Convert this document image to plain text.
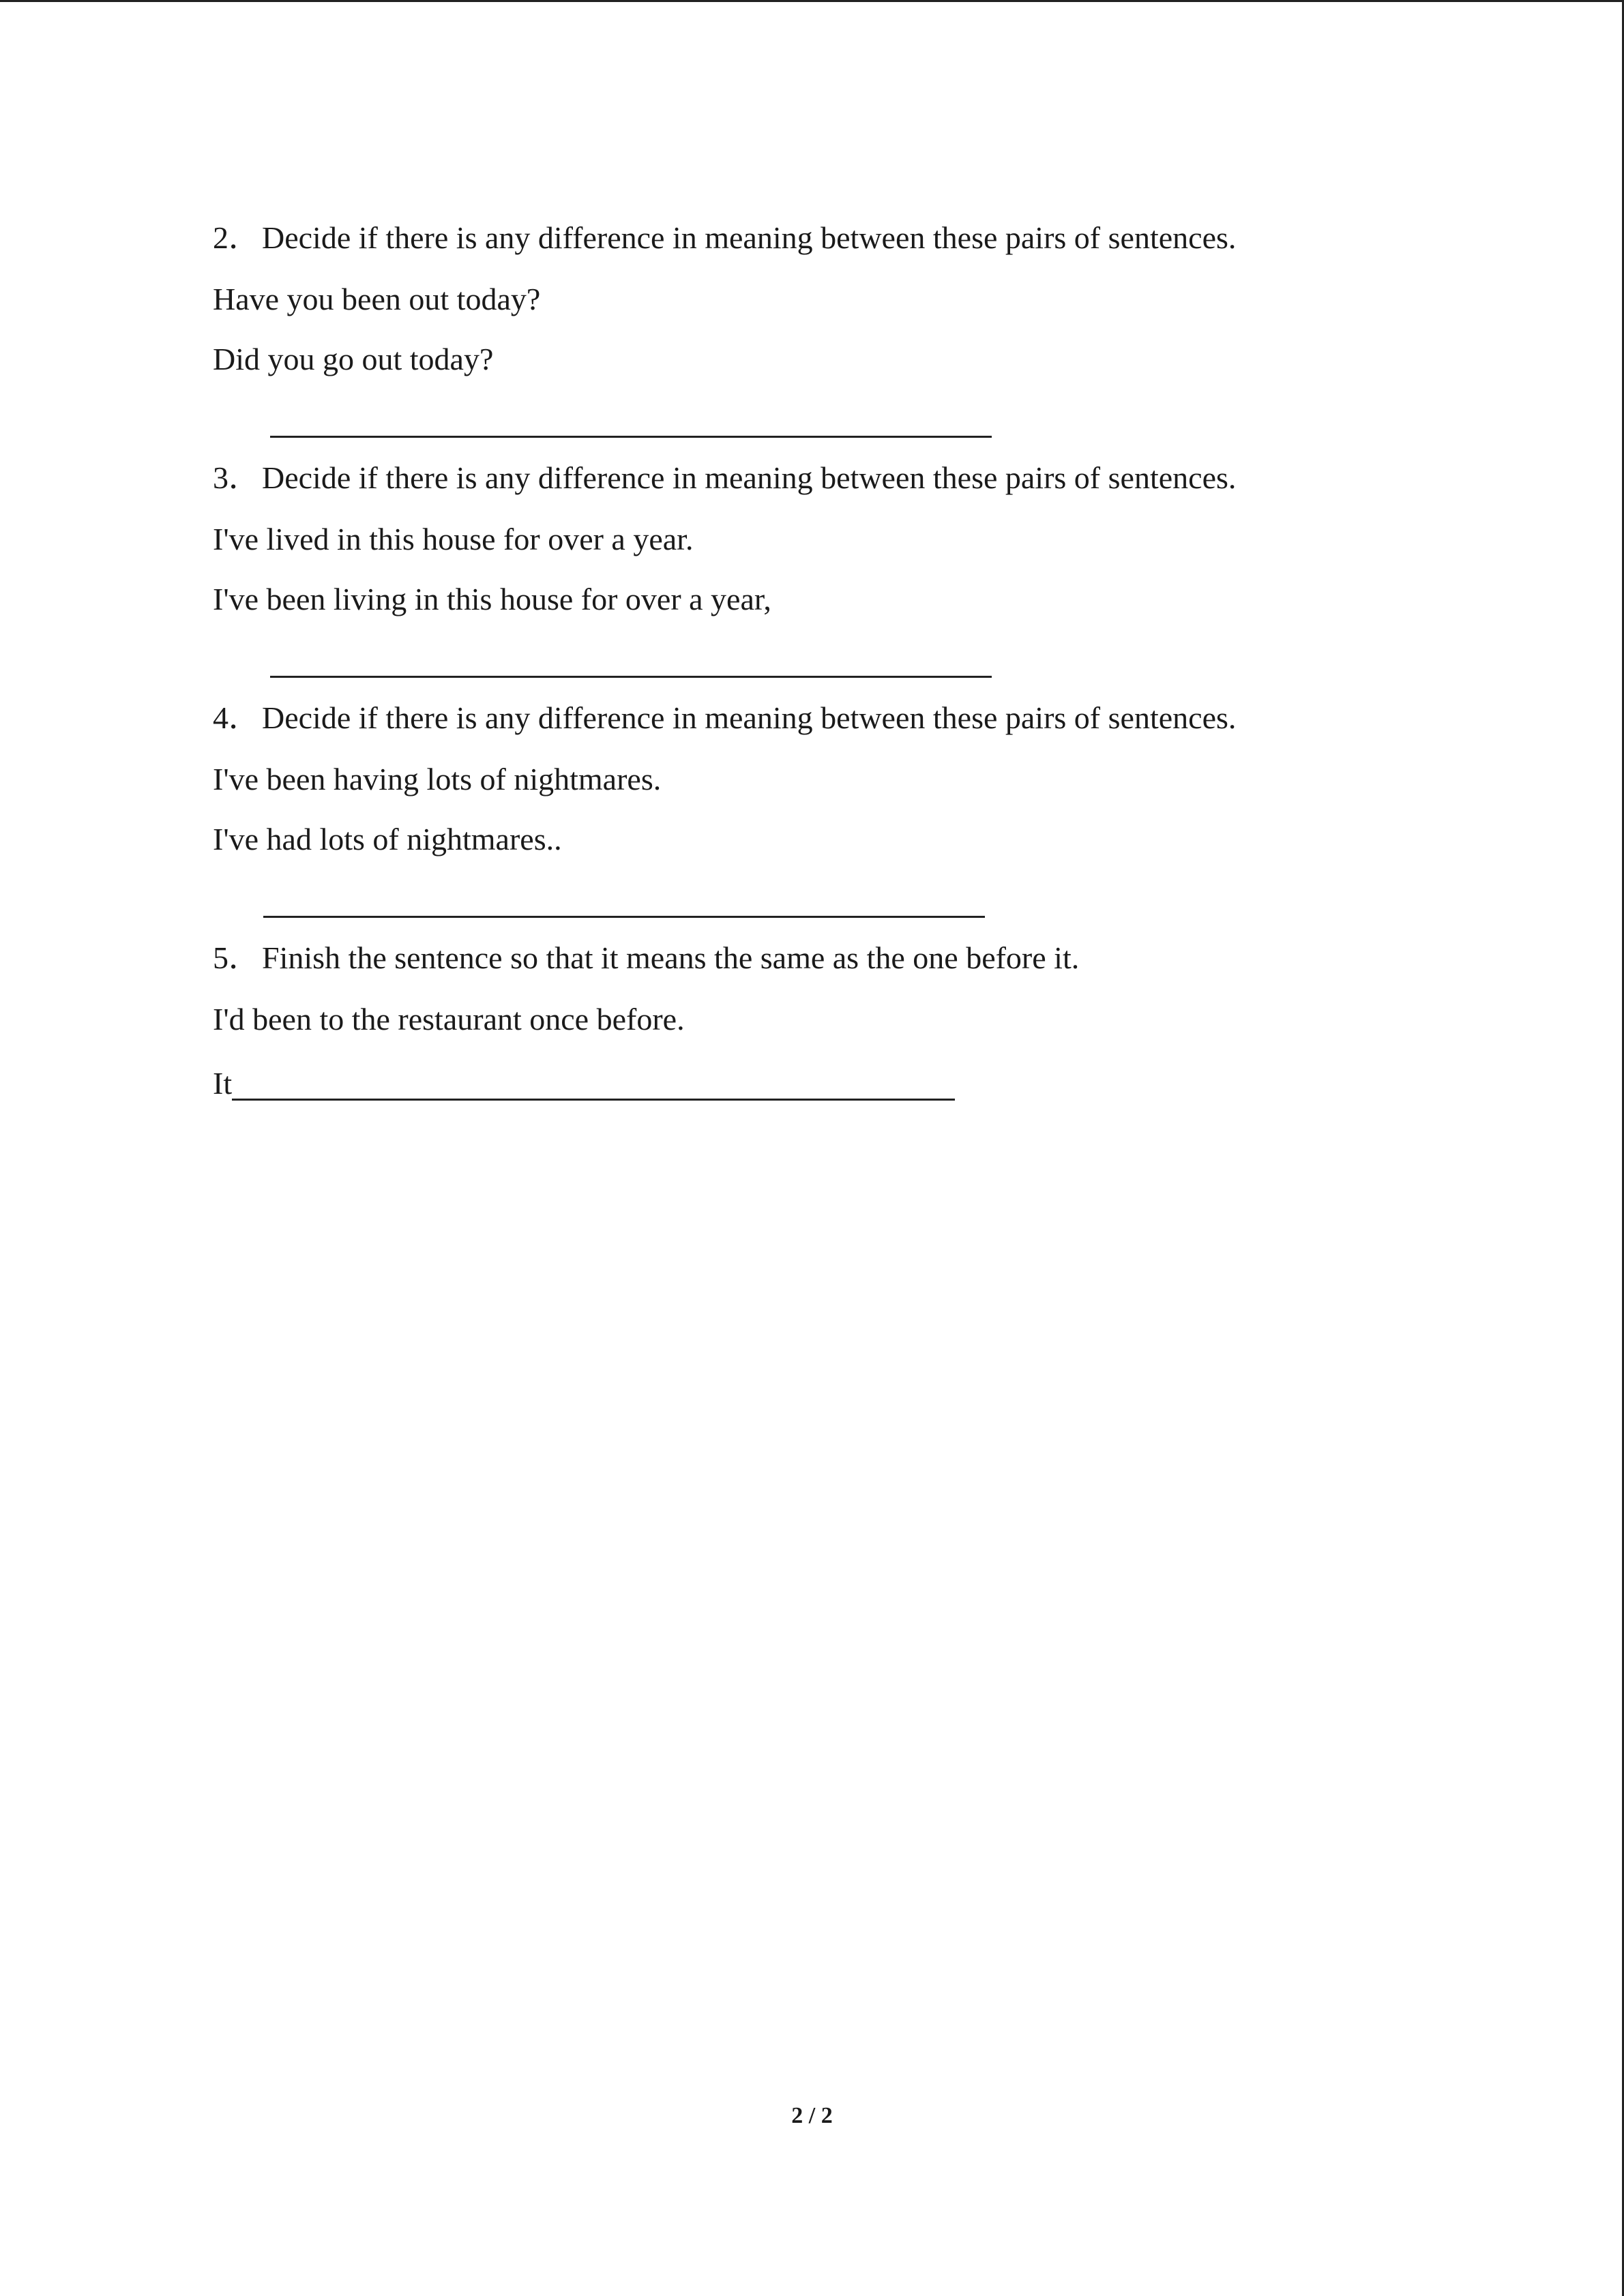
2．Decide if there is any difference in meaning between these pairs of sentences.
Have you been out today?
Did you go out today?
3．Decide if there is any difference in meaning between these pairs of sentences.
I've lived in this house for over a year.
I've been living in this house for over a year,
4．Decide if there is any difference in meaning between these pairs of sentences.
I've been having lots of nightmares.
I've had lots of nightmares..
5．Finish the sentence so that it means the same as the one before it.
I'd been to the restaurant once before.
It
2 / 2
